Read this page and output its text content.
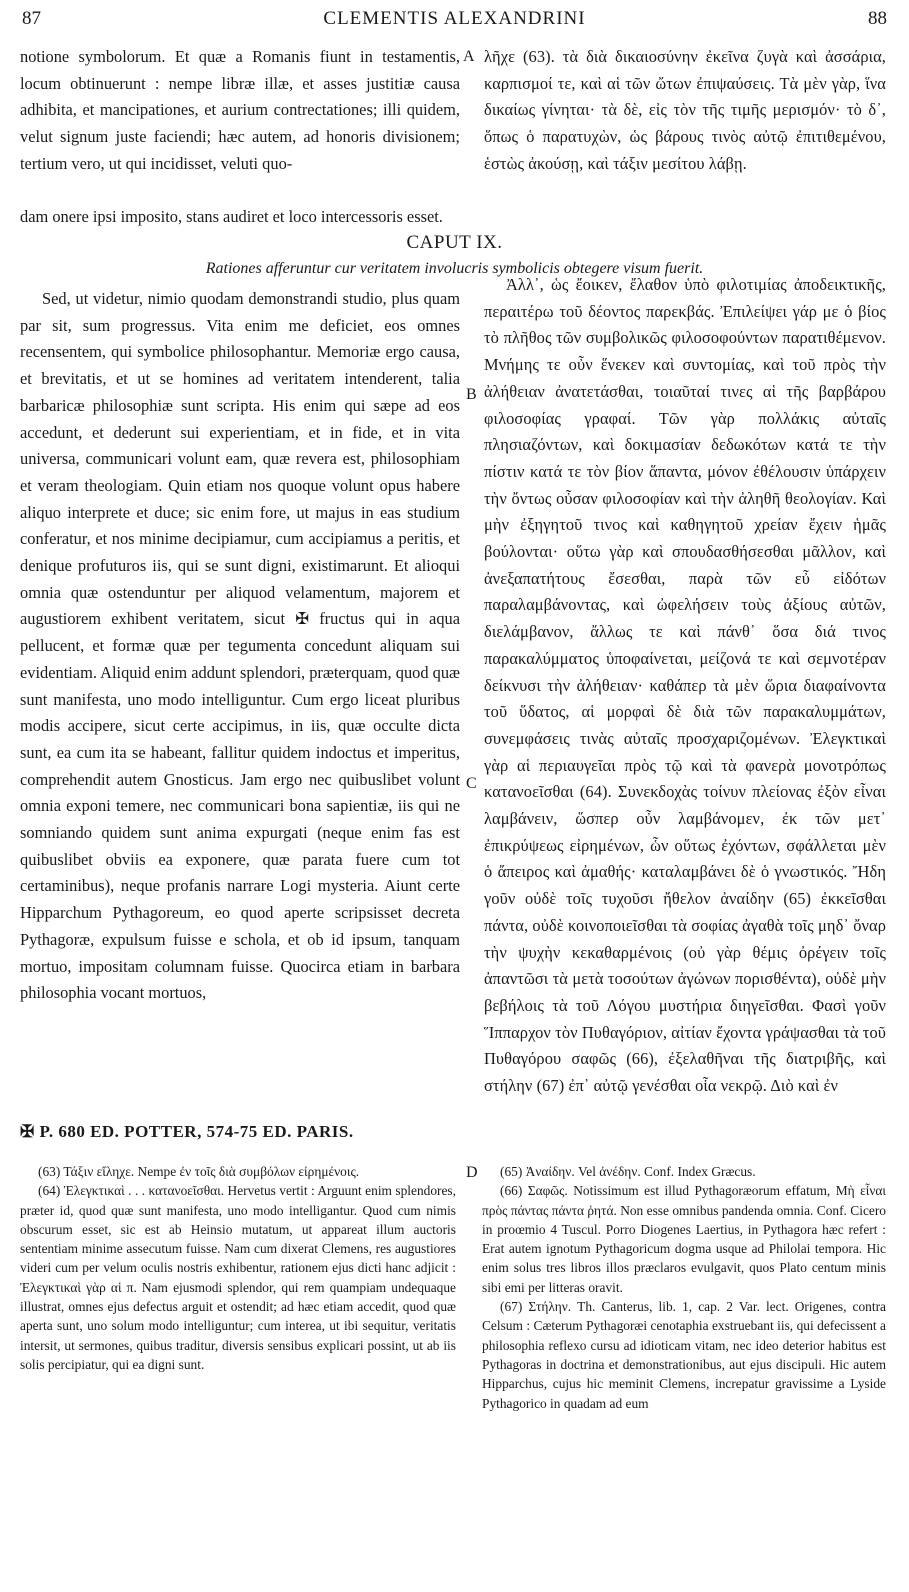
87	CLEMENTIS ALEXANDRINI	88

notione symbolorum. Et quæ a Romanis fiunt in testamentis, locum obtinuerunt : nempe libræ illæ, et asses justitiæ causa adhibita, et mancipationes, et aurium contrectationes; illi quidem, velut signum juste faciendi; hæc autem, ad honoris divisionem; tertium vero, ut qui incidisset, veluti quo-

λῆχε (63). τὰ διὰ δικαιοσύνην ἐκεῖνα ζυγὰ καὶ ἀσσάρια, καρπισμοί τε, καὶ αἱ τῶν ὤτων ἐπιψαύσεις. Τὰ μὲν γὰρ, ἵνα δικαίως γίνηται· τὰ δὲ, εἰς τὸν τῆς τιμῆς μερισμόν· τὸ δ᾽, ὅπως ὁ παρατυχὼν, ὡς βάρους τινὸς αὐτῷ ἐπιτιθεμένου, ἑστὼς ἀκούσῃ, καὶ τάξιν μεσίτου λάβῃ.

dam onere ipsi imposito, stans audiret et loco intercessoris esset.
A
B
C
D
CAPUT IX.
Rationes afferuntur cur veritatem involucris symbolicis obtegere visum fuerit.

Sed, ut videtur, nimio quodam demonstrandi studio, plus quam par sit, sum progressus. Vita enim me deficiet, eos omnes recensentem, qui symbolice philosophantur. Memoriæ ergo causa, et brevitatis, et ut se homines ad veritatem intenderent, talia barbaricæ philosophiæ sunt scripta. His enim qui sæpe ad eos accedunt, et dederunt sui experientiam, et in fide, et in vita universa, communicari volunt eam, quæ revera est, philosophiam et veram theologiam. Quin etiam nos quoque volunt opus habere aliquo interprete et duce; sic enim fore, ut majus in eas studium conferatur, et nos minime decipiamur, cum accipiamus a peritis, et denique profuturos iis, qui se sunt digni, existimarunt. Et alioqui omnia quæ ostenduntur per aliquod velamentum, majorem et augustiorem exhibent veritatem, sicut ✠ fructus qui in aqua pellucent, et formæ quæ per tegumenta concedunt aliquam sui evidentiam. Aliquid enim addunt splendori, præterquam, quod quæ sunt manifesta, uno modo intelliguntur. Cum ergo liceat pluribus modis accipere, sicut certe accipimus, in iis, quæ occulte dicta sunt, ea cum ita se habeant, fallitur quidem indoctus et imperitus, comprehendit autem Gnosticus. Jam ergo nec quibuslibet volunt omnia exponi temere, nec communicari bona sapientiæ, iis qui ne somniando quidem sunt anima expurgati (neque enim fas est quibuslibet obviis ea exponere, quæ parata fuere cum tot certaminibus), neque profanis narrare Logi mysteria. Aiunt certe Hipparchum Pythagoreum, eo quod aperte scripsisset decreta Pythagoræ, expulsum fuisse e schola, et ob id ipsum, tanquam mortuo, impositam columnam fuisse. Quocirca etiam in barbara philosophia vocant mortuos,

Ἀλλ᾽, ὡς ἔοικεν, ἔλαθον ὑπὸ φιλοτιμίας ἀποδεικτικῆς, περαιτέρω τοῦ δέοντος παρεκβάς. Ἐπιλείψει γάρ με ὁ βίος τὸ πλῆθος τῶν συμβολικῶς φιλοσοφούντων παρατιθέμενον. Μνήμης τε οὖν ἕνεκεν καὶ συντομίας, καὶ τοῦ πρὸς τὴν ἀλήθειαν ἀνατετάσθαι, τοιαῦταί τινες αἱ τῆς βαρβάρου φιλοσοφίας γραφαί. Τῶν γὰρ πολλάκις αὐταῖς πλησιαζόντων, καὶ δοκιμασίαν δεδωκότων κατά τε τὴν πίστιν κατά τε τὸν βίον ἅπαντα, μόνον ἐθέλουσιν ὑπάρχειν τὴν ὄντως οὖσαν φιλοσοφίαν καὶ τὴν ἀληθῆ θεολογίαν. Καὶ μὴν ἐξηγητοῦ τινος καὶ καθηγητοῦ χρείαν ἔχειν ἡμᾶς βούλονται· οὕτω γὰρ καὶ σπουδασθήσεσθαι μᾶλλον, καὶ ἀνεξαπατήτους ἔσεσθαι, παρὰ τῶν εὖ εἰδότων παραλαμβάνοντας, καὶ ὠφελήσειν τοὺς ἀξίους αὐτῶν, διελάμβανον, ἄλλως τε καὶ πάνθ᾽ ὅσα διά τινος παρακαλύμματος ὑποφαίνεται, μείζονά τε καὶ σεμνοτέραν δείκνυσι τὴν ἀλήθειαν· καθάπερ τὰ μὲν ὥρια διαφαίνοντα τοῦ ὕδατος, αἱ μορφαὶ δὲ διὰ τῶν παρακαλυμμάτων, συνεμφάσεις τινὰς αὐταῖς προσχαριζομένων. Ἐλεγκτικαὶ γὰρ αἱ περιαυγεῖαι πρὸς τῷ καὶ τὰ φανερὰ μονοτρόπως κατανοεῖσθαι (64). Συνεκδοχὰς τοίνυν πλείονας ἐξὸν εἶναι λαμβάνειν, ὥσπερ οὖν λαμβάνομεν, ἐκ τῶν μετ᾽ ἐπικρύψεως εἰρημένων, ὧν οὕτως ἐχόντων, σφάλλεται μὲν ὁ ἄπειρος καὶ ἀμαθής· καταλαμβάνει δὲ ὁ γνωστικός. Ἤδη γοῦν οὐδὲ τοῖς τυχοῦσι ἤθελον ἀναίδην (65) ἐκκεῖσθαι πάντα, οὐδὲ κοινοποιεῖσθαι τὰ σοφίας ἀγαθὰ τοῖς μηδ᾽ ὄναρ τὴν ψυχὴν κεκαθαρμένοις (οὐ γὰρ θέμις ὀρέγειν τοῖς ἀπαντῶσι τὰ μετὰ τοσούτων ἀγώνων πορισθέντα), οὐδὲ μὴν βεβήλοις τὰ τοῦ Λόγου μυστήρια διηγεῖσθαι. Φασὶ γοῦν Ἵππαρχον τὸν Πυθαγόριον, αἰτίαν ἔχοντα γράψασθαι τὰ τοῦ Πυθαγόρου σαφῶς (66), ἐξελαθῆναι τῆς διατριβῆς, καὶ στήλην (67) ἐπ᾽ αὐτῷ γενέσθαι οἷα νεκρῷ. Διὸ καὶ ἐν

✠ P. 680 ED. POTTER, 574-75 ED. PARIS.

(63) Τάξιν εἴληχε. Nempe ἐν τοῖς διὰ συμβόλων εἰρημένοις.

(64) Ἐλεγκτικαὶ . . . κατανοεῖσθαι. Hervetus vertit : Arguunt enim splendores, præter id, quod quæ sunt manifesta, uno modo intelligantur. Quod cum nimis obscurum esset, sic est ab Heinsio mutatum, ut appareat illum auctoris sententiam minime assecutum fuisse. Nam cum dixerat Clemens, res augustiores videri cum per velum oculis nostris exhibentur, rationem ejus dicti hanc adjicit : Ἐλεγκτικαὶ γὰρ αἱ π. Nam ejusmodi splendor, qui rem quampiam undequaque illustrat, omnes ejus defectus arguit et ostendit; ad hæc etiam accedit, quod quæ aperta sunt, uno solum modo intelliguntur; cum interea, ut ibi sequitur, veritatis intersit, ut sermones, quibus traditur, diversis sensibus explicari possint, ut ab iis solis percipiatur, qui ea digni sunt.

(65) Ἀναίδην. Vel ἀνέδην. Conf. Index Græcus.

(66) Σαφῶς. Notissimum est illud Pythagoræorum effatum, Μὴ εἶναι πρὸς πάντας πάντα ῥητά. Non esse omnibus pandenda omnia. Conf. Cicero in proœmio 4 Tuscul. Porro Diogenes Laertius, in Pythagora hæc refert : Erat autem ignotum Pythagoricum dogma usque ad Philolai tempora. Hic enim solus tres libros illos præclaros evulgavit, quos Plato centum minis sibi emi per litteras oravit.

(67) Στήλην. Th. Canterus, lib. 1, cap. 2 Var. lect. Origenes, contra Celsum : Cæterum Pythagoræi cenotaphia exstruebant iis, qui defecissent a philosophia reflexo cursu ad idioticam vitam, nec ideo deterior habitus est Pythagoras in doctrina et demonstrationibus, aut ejus discipuli. Hic autem Hipparchus, cujus hic meminit Clemens, increpatur gravissime a Lyside Pythagorico in quadam ad eum
